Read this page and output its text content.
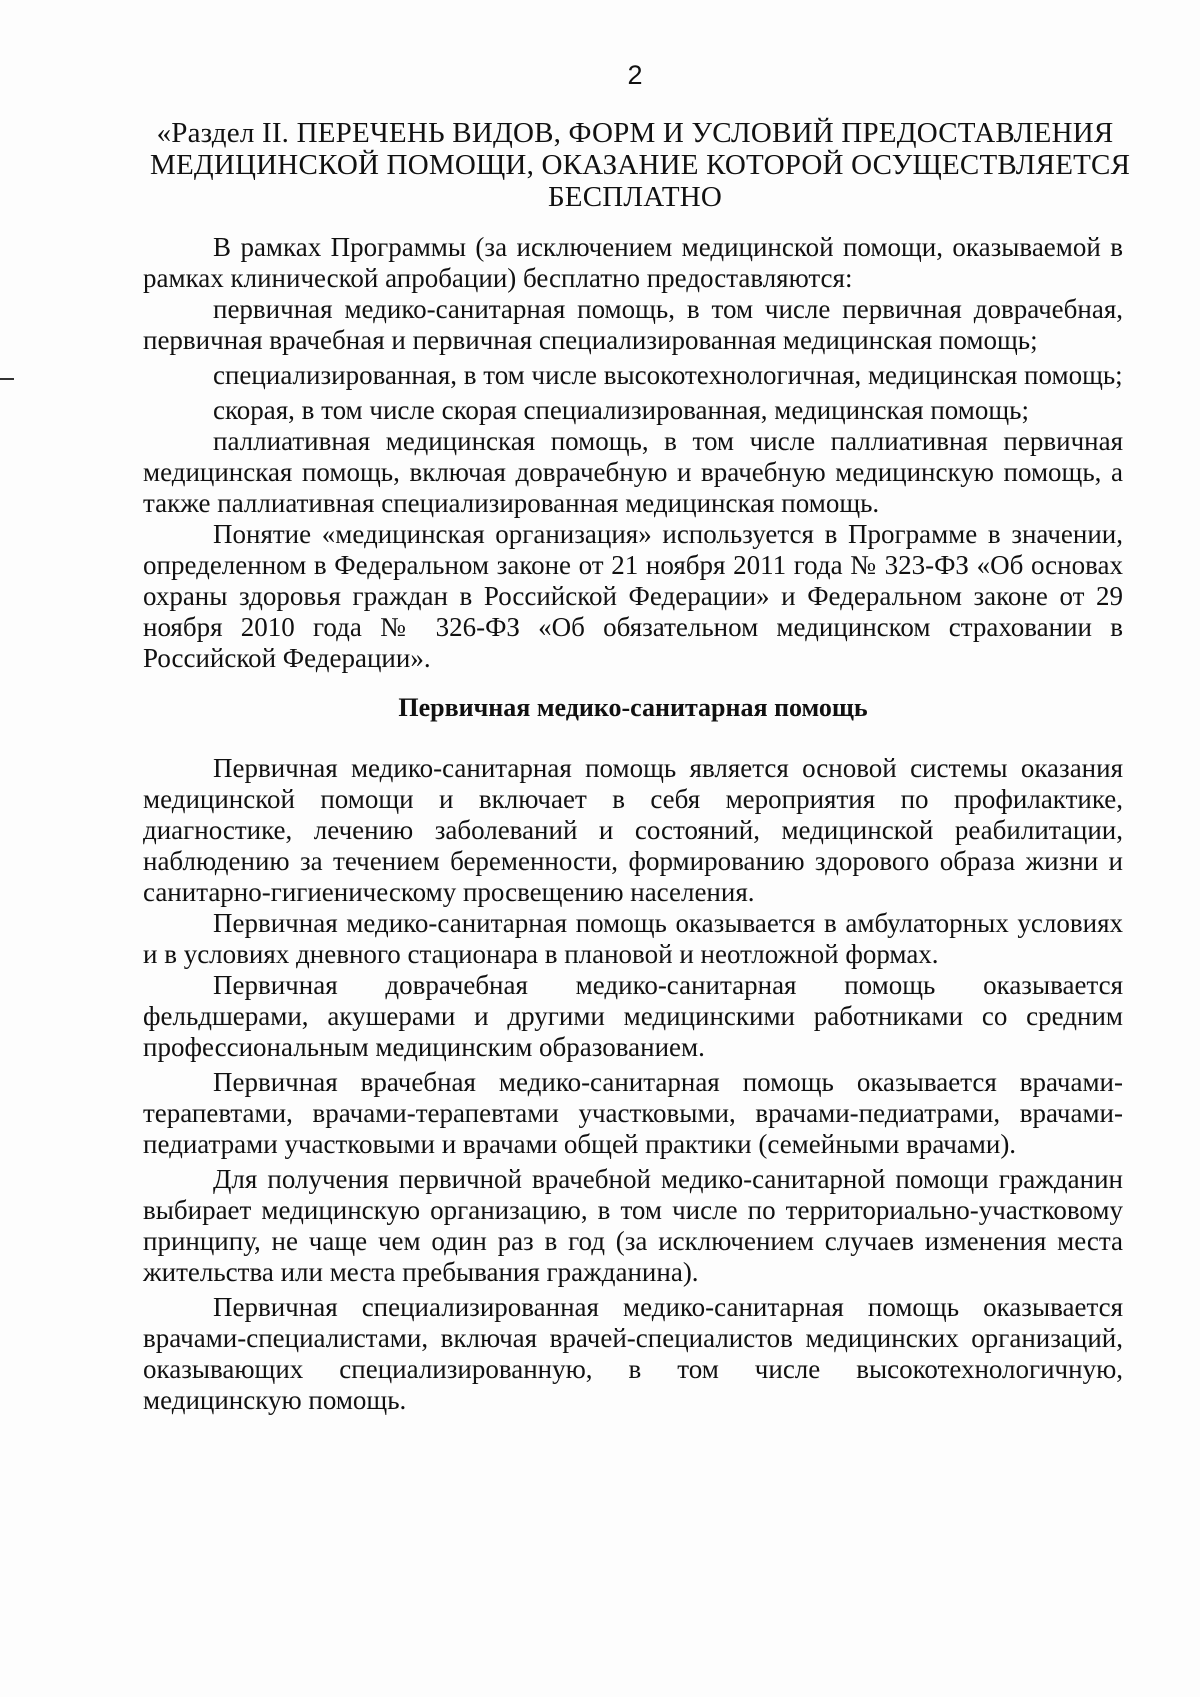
2
«Раздел II. ПЕРЕЧЕНЬ ВИДОВ, ФОРМ И УСЛОВИЙ ПРЕДОСТАВЛЕНИЯ
МЕДИЦИНСКОЙ ПОМОЩИ, ОКАЗАНИЕ КОТОРОЙ ОСУЩЕСТВЛЯЕТСЯ
БЕСПЛАТНО

В рамках Программы (за исключением медицинской помощи, оказываемой в рамках клинической апробации) бесплатно предоставляются:

первичная медико-санитарная помощь, в том числе первичная доврачебная, первичная врачебная и первичная специализированная медицинская помощь;

специализированная, в том числе высокотехнологичная, медицинская помощь;

скорая, в том числе скорая специализированная, медицинская помощь;

паллиативная медицинская помощь, в том числе паллиативная первичная медицинская помощь, включая доврачебную и врачебную медицинскую помощь, а также паллиативная специализированная медицинская помощь.

Понятие «медицинская организация» используется в Программе в значении, определенном в Федеральном законе от 21 ноября 2011 года № 323-ФЗ «Об основах охраны здоровья граждан в Российской Федерации» и Федеральном законе от 29 ноября 2010 года № 326-ФЗ «Об обязательном медицинском страховании в Российской Федерации».

Первичная медико-санитарная помощь

Первичная медико-санитарная помощь является основой системы оказания медицинской помощи и включает в себя мероприятия по профилактике, диагностике, лечению заболеваний и состояний, медицинской реабилитации, наблюдению за течением беременности, формированию здорового образа жизни и санитарно-гигиеническому просвещению населения.

Первичная медико-санитарная помощь оказывается в амбулаторных условиях и в условиях дневного стационара в плановой и неотложной формах.

Первичная доврачебная медико-санитарная помощь оказывается фельдшерами, акушерами и другими медицинскими работниками со средним профессиональным медицинским образованием.

Первичная врачебная медико-санитарная помощь оказывается врачами-терапевтами, врачами-терапевтами участковыми, врачами-педиатрами, врачами-педиатрами участковыми и врачами общей практики (семейными врачами).

Для получения первичной врачебной медико-санитарной помощи гражданин выбирает медицинскую организацию, в том числе по территориально-участковому принципу, не чаще чем один раз в год (за исключением случаев изменения места жительства или места пребывания гражданина).

Первичная специализированная медико-санитарная помощь оказывается врачами-специалистами, включая врачей-специалистов медицинских организаций, оказывающих специализированную, в том числе высокотехнологичную, медицинскую помощь.
